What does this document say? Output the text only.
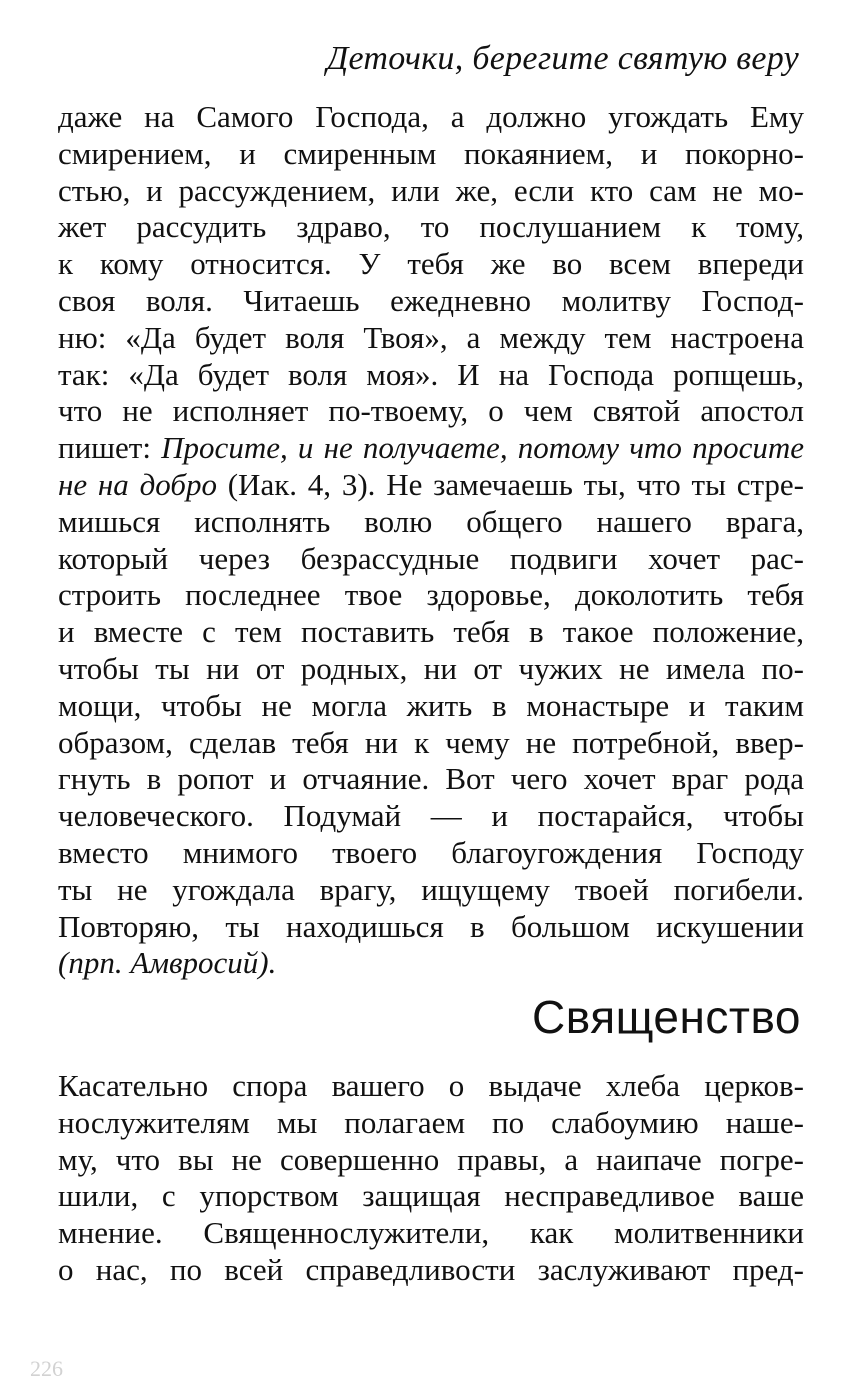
Деточки, берегите святую веру
даже на Самого Господа, а должно угождать Ему
смирением, и смиренным покаянием, и покорно-
стью, и рассуждением, или же, если кто сам не мо-
жет рассудить здраво, то послушанием к тому,
к кому относится. У тебя же во всем впереди
своя воля. Читаешь ежедневно молитву Господ-
ню: «Да будет воля Твоя», а между тем настроена
так: «Да будет воля моя». И на Господа ропщешь,
что не исполняет по-твоему, о чем святой апостол
пишет: Просите, и не получаете, потому что просите
не на добро (Иак. 4, 3). Не замечаешь ты, что ты стре-
мишься исполнять волю общего нашего врага,
который через безрассудные подвиги хочет рас-
строить последнее твое здоровье, доколотить тебя
и вместе с тем поставить тебя в такое положение,
чтобы ты ни от родных, ни от чужих не имела по-
мощи, чтобы не могла жить в монастыре и таким
образом, сделав тебя ни к чему не потребной, ввер-
гнуть в ропот и отчаяние. Вот чего хочет враг рода
человеческого. Подумай — и постарайся, чтобы
вместо мнимого твоего благоугождения Господу
ты не угождала врагу, ищущему твоей погибели.
Повторяю, ты находишься в большом искушении
(прп. Амвросий).
Священство
Касательно спора вашего о выдаче хлеба церков-
нослужителям мы полагаем по слабоумию наше-
му, что вы не совершенно правы, а наипаче погре-
шили, с упорством защищая несправедливое ваше
мнение. Священнослужители, как молитвенники
о нас, по всей справедливости заслуживают пред-
226
